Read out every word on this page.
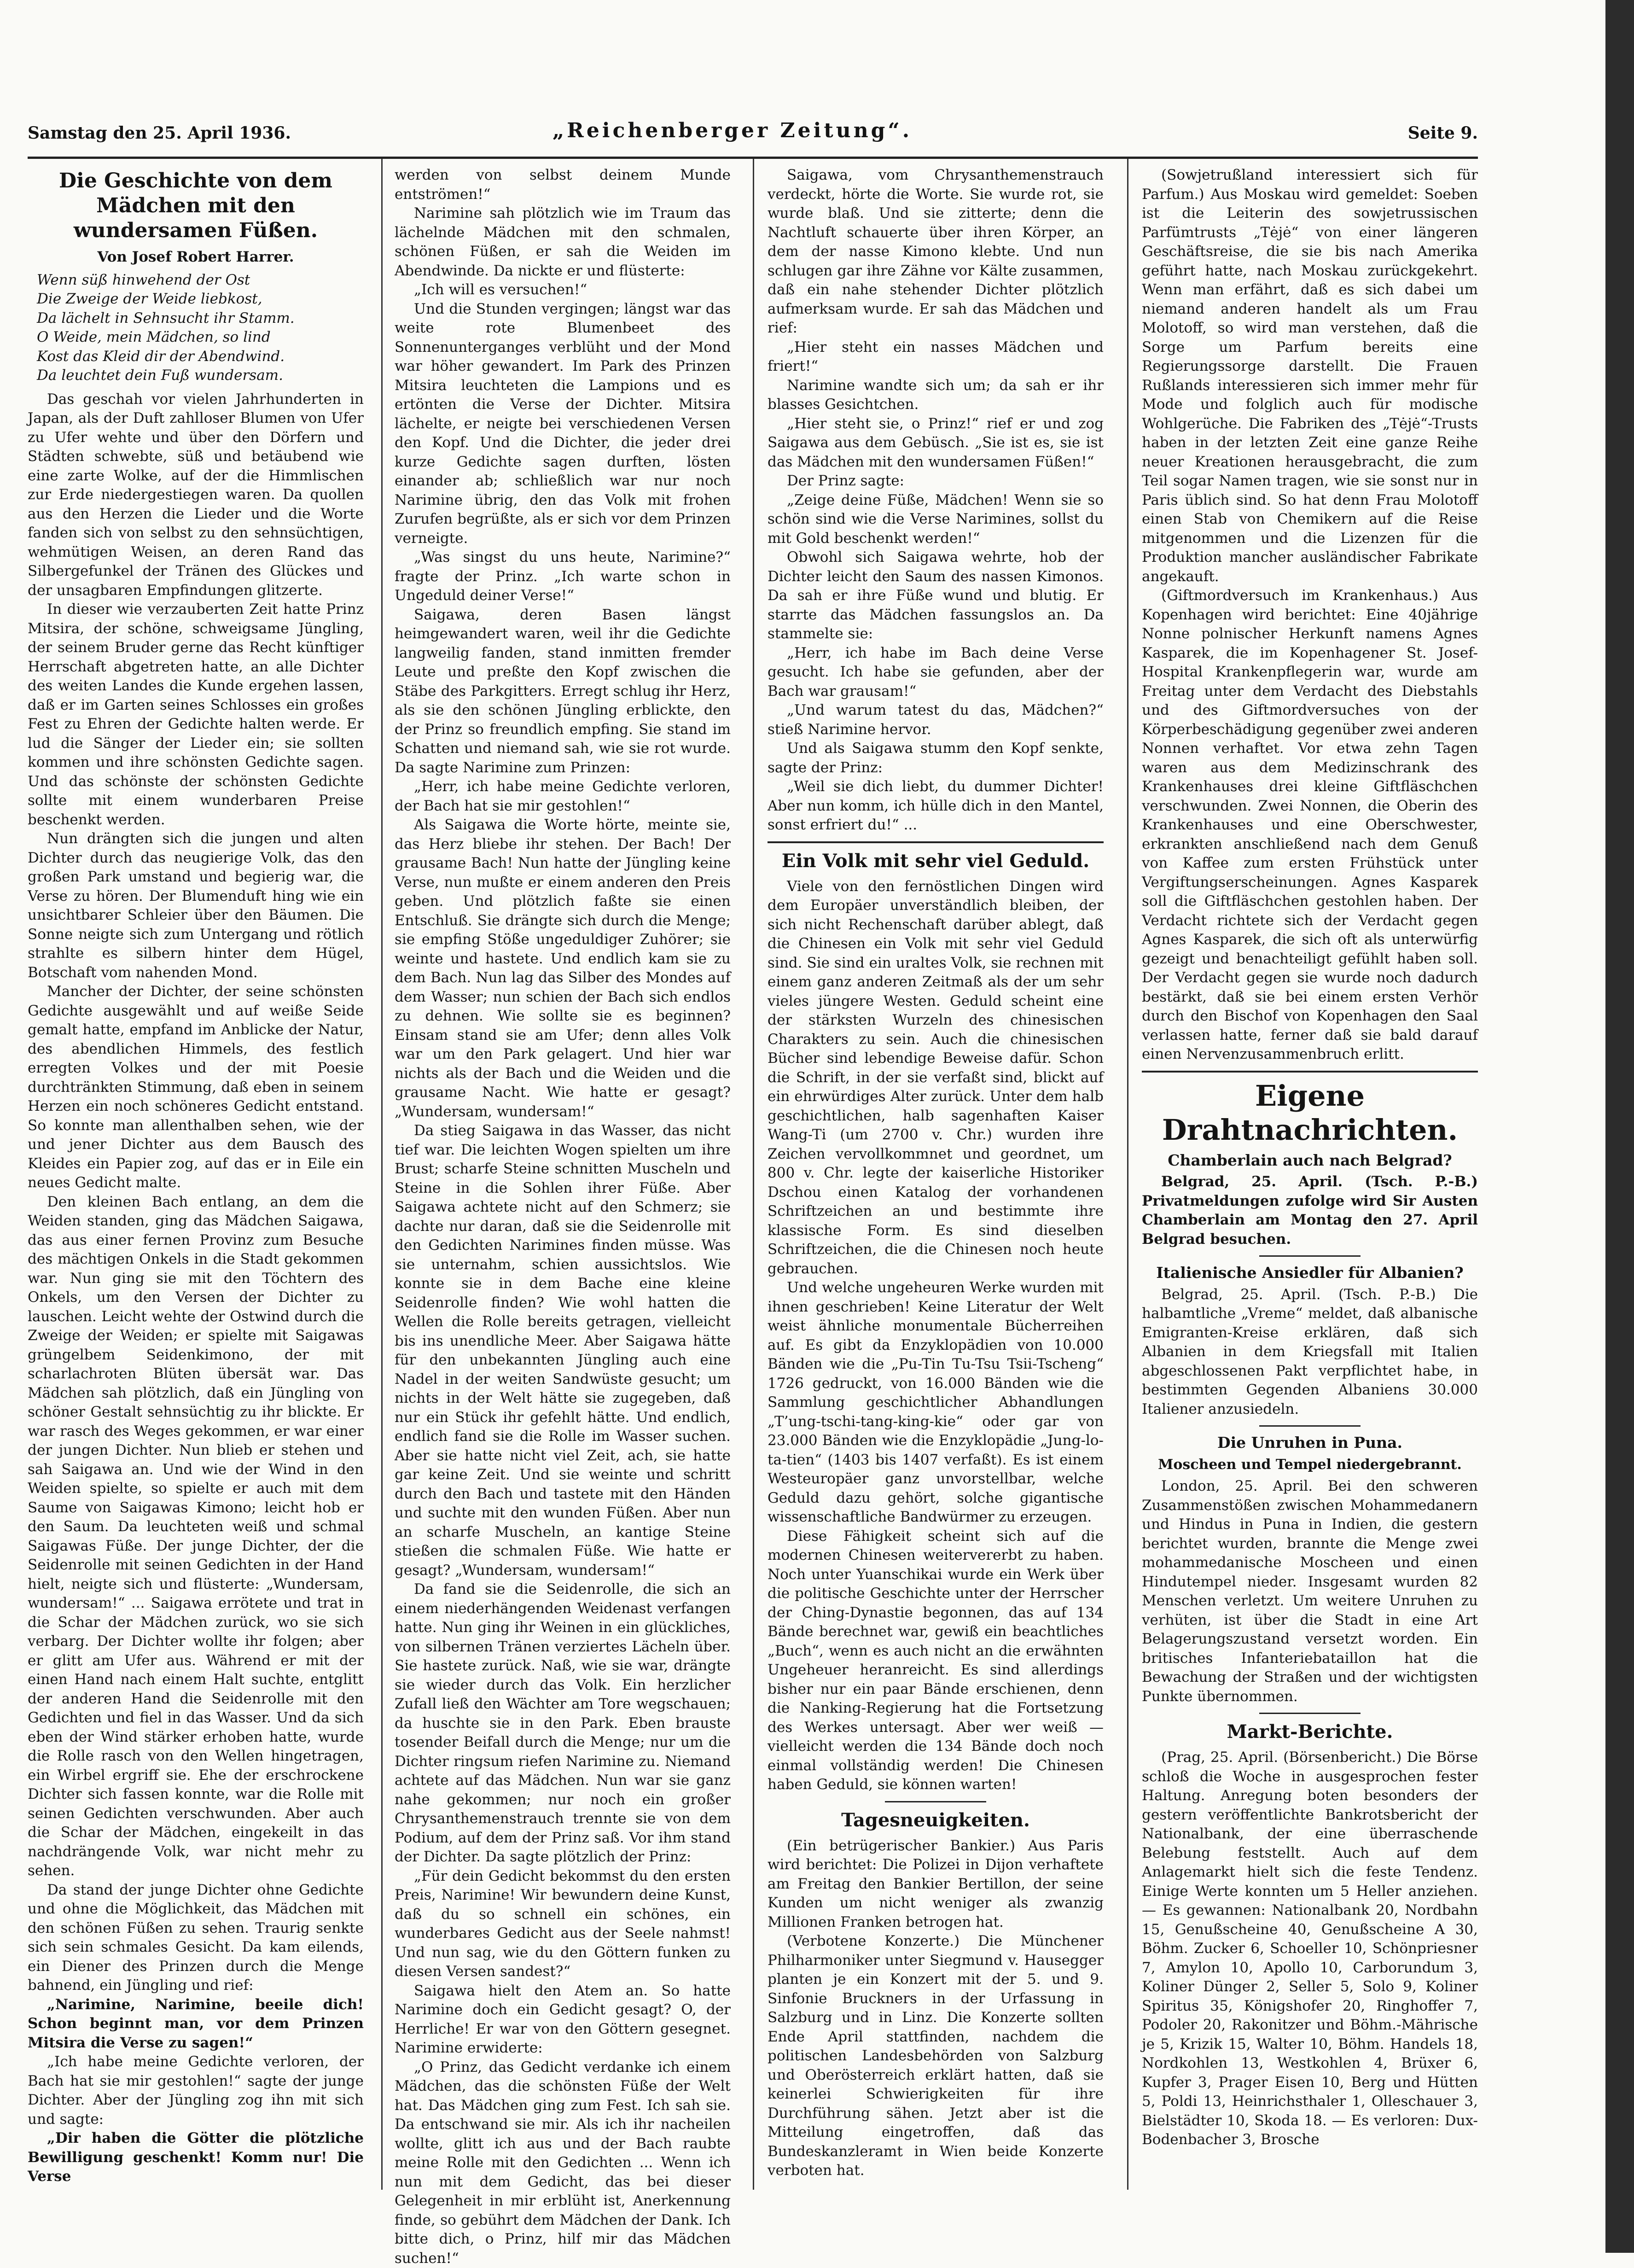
Samstag den 25. April 1936.	„Reichenberger Zeitung“.	Seite 9.
Die Geschichte von dem Mädchen mit den wundersamen Füßen.
Von Josef Robert Harrer.
Wenn süß hinwehend der Ost
Die Zweige der Weide liebkost,
Da lächelt in Sehnsucht ihr Stamm.
O Weide, mein Mädchen, so lind
Kost das Kleid dir der Abendwind.
Da leuchtet dein Fuß wundersam.

Das geschah vor vielen Jahrhunderten in Japan, als der Duft zahlloser Blumen von Ufer zu Ufer wehte und über den Dörfern und Städten schwebte, süß und betäubend wie eine zarte Wolke, auf der die Himmlischen zur Erde niedergestiegen waren. Da quollen aus den Herzen die Lieder und die Worte fanden sich von selbst zu den sehnsüchtigen, wehmütigen Weisen, an deren Rand das Silbergefunkel der Tränen des Glückes und der unsagbaren Empfindungen glitzerte.

In dieser wie verzauberten Zeit hatte Prinz Mitsira, der schöne, schweigsame Jüngling, der seinem Bruder gerne das Recht künftiger Herrschaft abgetreten hatte, an alle Dichter des weiten Landes die Kunde ergehen lassen, daß er im Garten seines Schlosses ein großes Fest zu Ehren der Gedichte halten werde. Er lud die Sänger der Lieder ein; sie sollten kommen und ihre schönsten Gedichte sagen. Und das schönste der schönsten Gedichte sollte mit einem wunderbaren Preise beschenkt werden.

Nun drängten sich die jungen und alten Dichter durch das neugierige Volk, das den großen Park umstand und begierig war, die Verse zu hören. Der Blumenduft hing wie ein unsichtbarer Schleier über den Bäumen. Die Sonne neigte sich zum Untergang und rötlich strahlte es silbern hinter dem Hügel, Botschaft vom nahenden Mond.

Mancher der Dichter, der seine schönsten Gedichte ausgewählt und auf weiße Seide gemalt hatte, empfand im Anblicke der Natur, des abendlichen Himmels, des festlich erregten Volkes und der mit Poesie durchtränkten Stimmung, daß eben in seinem Herzen ein noch schöneres Gedicht entstand. So konnte man allenthalben sehen, wie der und jener Dichter aus dem Bausch des Kleides ein Papier zog, auf das er in Eile ein neues Gedicht malte.

Den kleinen Bach entlang, an dem die Weiden standen, ging das Mädchen Saigawa, das aus einer fernen Provinz zum Besuche des mächtigen Onkels in die Stadt gekommen war. Nun ging sie mit den Töchtern des Onkels, um den Versen der Dichter zu lauschen. Leicht wehte der Ostwind durch die Zweige der Weiden; er spielte mit Saigawas grüngelbem Seidenkimono, der mit scharlachroten Blüten übersät war. Das Mädchen sah plötzlich, daß ein Jüngling von schöner Gestalt sehnsüchtig zu ihr blickte. Er war rasch des Weges gekommen, er war einer der jungen Dichter. Nun blieb er stehen und sah Saigawa an. Und wie der Wind in den Weiden spielte, so spielte er auch mit dem Saume von Saigawas Kimono; leicht hob er den Saum. Da leuchteten weiß und schmal Saigawas Füße. Der junge Dichter, der die Seidenrolle mit seinen Gedichten in der Hand hielt, neigte sich und flüsterte: „Wundersam, wundersam!“ ... Saigawa errötete und trat in die Schar der Mädchen zurück, wo sie sich verbarg. Der Dichter wollte ihr folgen; aber er glitt am Ufer aus. Während er mit der einen Hand nach einem Halt suchte, entglitt der anderen Hand die Seidenrolle mit den Gedichten und fiel in das Wasser. Und da sich eben der Wind stärker erhoben hatte, wurde die Rolle rasch von den Wellen hingetragen, ein Wirbel ergriff sie. Ehe der erschrockene Dichter sich fassen konnte, war die Rolle mit seinen Gedichten verschwunden. Aber auch die Schar der Mädchen, eingekeilt in das nachdrängende Volk, war nicht mehr zu sehen.

Da stand der junge Dichter ohne Gedichte und ohne die Möglichkeit, das Mädchen mit den schönen Füßen zu sehen. Traurig senkte sich sein schmales Gesicht. Da kam eilends, ein Diener des Prinzen durch die Menge bahnend, ein Jüngling und rief:

„Narimine, Narimine, beeile dich! Schon beginnt man, vor dem Prinzen Mitsira die Verse zu sagen!“

„Ich habe meine Gedichte verloren, der Bach hat sie mir gestohlen!“ sagte der junge Dichter. Aber der Jüngling zog ihn mit sich und sagte:

„Dir haben die Götter die plötzliche Bewilligung geschenkt! Komm nur! Die Verse

werden von selbst deinem Munde entströmen!“

Narimine sah plötzlich wie im Traum das lächelnde Mädchen mit den schmalen, schönen Füßen, er sah die Weiden im Abendwinde. Da nickte er und flüsterte:

„Ich will es versuchen!“

Und die Stunden vergingen; längst war das weite rote Blumenbeet des Sonnenunterganges verblüht und der Mond war höher gewandert. Im Park des Prinzen Mitsira leuchteten die Lampions und es ertönten die Verse der Dichter. Mitsira lächelte, er neigte bei verschiedenen Versen den Kopf. Und die Dichter, die jeder drei kurze Gedichte sagen durften, lösten einander ab; schließlich war nur noch Narimine übrig, den das Volk mit frohen Zurufen begrüßte, als er sich vor dem Prinzen verneigte.

„Was singst du uns heute, Narimine?“ fragte der Prinz. „Ich warte schon in Ungeduld deiner Verse!“

Saigawa, deren Basen längst heimgewandert waren, weil ihr die Gedichte langweilig fanden, stand inmitten fremder Leute und preßte den Kopf zwischen die Stäbe des Parkgitters. Erregt schlug ihr Herz, als sie den schönen Jüngling erblickte, den der Prinz so freundlich empfing. Sie stand im Schatten und niemand sah, wie sie rot wurde. Da sagte Narimine zum Prinzen:

„Herr, ich habe meine Gedichte verloren, der Bach hat sie mir gestohlen!“

Als Saigawa die Worte hörte, meinte sie, das Herz bliebe ihr stehen. Der Bach! Der grausame Bach! Nun hatte der Jüngling keine Verse, nun mußte er einem anderen den Preis geben. Und plötzlich faßte sie einen Entschluß. Sie drängte sich durch die Menge; sie empfing Stöße ungeduldiger Zuhörer; sie weinte und hastete. Und endlich kam sie zu dem Bach. Nun lag das Silber des Mondes auf dem Wasser; nun schien der Bach sich endlos zu dehnen. Wie sollte sie es beginnen? Einsam stand sie am Ufer; denn alles Volk war um den Park gelagert. Und hier war nichts als der Bach und die Weiden und die grausame Nacht. Wie hatte er gesagt? „Wundersam, wundersam!“

Da stieg Saigawa in das Wasser, das nicht tief war. Die leichten Wogen spielten um ihre Brust; scharfe Steine schnitten Muscheln und Steine in die Sohlen ihrer Füße. Aber Saigawa achtete nicht auf den Schmerz; sie dachte nur daran, daß sie die Seidenrolle mit den Gedichten Narimines finden müsse. Was sie unternahm, schien aussichtslos. Wie konnte sie in dem Bache eine kleine Seidenrolle finden? Wie wohl hatten die Wellen die Rolle bereits getragen, vielleicht bis ins unendliche Meer. Aber Saigawa hätte für den unbekannten Jüngling auch eine Nadel in der weiten Sandwüste gesucht; um nichts in der Welt hätte sie zugegeben, daß nur ein Stück ihr gefehlt hätte. Und endlich, endlich fand sie die Rolle im Wasser suchen. Aber sie hatte nicht viel Zeit, ach, sie hatte gar keine Zeit. Und sie weinte und schritt durch den Bach und tastete mit den Händen und suchte mit den wunden Füßen. Aber nun an scharfe Muscheln, an kantige Steine stießen die schmalen Füße. Wie hatte er gesagt? „Wundersam, wundersam!“

Da fand sie die Seidenrolle, die sich an einem niederhängenden Weidenast verfangen hatte. Nun ging ihr Weinen in ein glückliches, von silbernen Tränen verziertes Lächeln über. Sie hastete zurück. Naß, wie sie war, drängte sie wieder durch das Volk. Ein herzlicher Zufall ließ den Wächter am Tore wegschauen; da huschte sie in den Park. Eben brauste tosender Beifall durch die Menge; nur um die Dichter ringsum riefen Narimine zu. Niemand achtete auf das Mädchen. Nun war sie ganz nahe gekommen; nur noch ein großer Chrysanthemenstrauch trennte sie von dem Podium, auf dem der Prinz saß. Vor ihm stand der Dichter. Da sagte plötzlich der Prinz:

„Für dein Gedicht bekommst du den ersten Preis, Narimine! Wir bewundern deine Kunst, daß du so schnell ein schönes, ein wunderbares Gedicht aus der Seele nahmst! Und nun sag, wie du den Göttern funken zu diesen Versen sandest?“

Saigawa hielt den Atem an. So hatte Narimine doch ein Gedicht gesagt? O, der Herrliche! Er war von den Göttern gesegnet. Narimine erwiderte:

„O Prinz, das Gedicht verdanke ich einem Mädchen, das die schönsten Füße der Welt hat. Das Mädchen ging zum Fest. Ich sah sie. Da entschwand sie mir. Als ich ihr nacheilen wollte, glitt ich aus und der Bach raubte meine Rolle mit den Gedichten ... Wenn ich nun mit dem Gedicht, das bei dieser Gelegenheit in mir erblüht ist, Anerkennung finde, so gebührt dem Mädchen der Dank. Ich bitte dich, o Prinz, hilf mir das Mädchen suchen!“

Saigawa, vom Chrysanthemenstrauch verdeckt, hörte die Worte. Sie wurde rot, sie wurde blaß. Und sie zitterte; denn die Nachtluft schauerte über ihren Körper, an dem der nasse Kimono klebte. Und nun schlugen gar ihre Zähne vor Kälte zusammen, daß ein nahe stehender Dichter plötzlich aufmerksam wurde. Er sah das Mädchen und rief:

„Hier steht ein nasses Mädchen und friert!“

Narimine wandte sich um; da sah er ihr blasses Gesichtchen.

„Hier steht sie, o Prinz!“ rief er und zog Saigawa aus dem Gebüsch. „Sie ist es, sie ist das Mädchen mit den wundersamen Füßen!“

Der Prinz sagte:

„Zeige deine Füße, Mädchen! Wenn sie so schön sind wie die Verse Narimines, sollst du mit Gold beschenkt werden!“

Obwohl sich Saigawa wehrte, hob der Dichter leicht den Saum des nassen Kimonos. Da sah er ihre Füße wund und blutig. Er starrte das Mädchen fassungslos an. Da stammelte sie:

„Herr, ich habe im Bach deine Verse gesucht. Ich habe sie gefunden, aber der Bach war grausam!“

„Und warum tatest du das, Mädchen?“ stieß Narimine hervor.

Und als Saigawa stumm den Kopf senkte, sagte der Prinz:

„Weil sie dich liebt, du dummer Dichter! Aber nun komm, ich hülle dich in den Mantel, sonst erfriert du!“ ...

Ein Volk mit sehr viel Geduld.

Viele von den fernöstlichen Dingen wird dem Europäer unverständlich bleiben, der sich nicht Rechenschaft darüber ablegt, daß die Chinesen ein Volk mit sehr viel Geduld sind. Sie sind ein uraltes Volk, sie rechnen mit einem ganz anderen Zeitmaß als der um sehr vieles jüngere Westen. Geduld scheint eine der stärksten Wurzeln des chinesischen Charakters zu sein. Auch die chinesischen Bücher sind lebendige Beweise dafür. Schon die Schrift, in der sie verfaßt sind, blickt auf ein ehrwürdiges Alter zurück. Unter dem halb geschichtlichen, halb sagenhaften Kaiser Wang-Ti (um 2700 v. Chr.) wurden ihre Zeichen vervollkommnet und geordnet, um 800 v. Chr. legte der kaiserliche Historiker Dschou einen Katalog der vorhandenen Schriftzeichen an und bestimmte ihre klassische Form. Es sind dieselben Schriftzeichen, die die Chinesen noch heute gebrauchen.

Und welche ungeheuren Werke wurden mit ihnen geschrieben! Keine Literatur der Welt weist ähnliche monumentale Bücherreihen auf. Es gibt da Enzyklopädien von 10.000 Bänden wie die „Pu-Tin Tu-Tsu Tsii-Tscheng“ 1726 gedruckt, von 16.000 Bänden wie die Sammlung geschichtlicher Abhandlungen „T’ung-tschi-tang-king-kie“ oder gar von 23.000 Bänden wie die Enzyklopädie „Jung-lo-ta-tien“ (1403 bis 1407 verfaßt). Es ist einem Westeuropäer ganz unvorstellbar, welche Geduld dazu gehört, solche gigantische wissenschaftliche Bandwürmer zu erzeugen.

Diese Fähigkeit scheint sich auf die modernen Chinesen weitervererbt zu haben. Noch unter Yuanschikai wurde ein Werk über die politische Geschichte unter der Herrscher der Ching-Dynastie begonnen, das auf 134 Bände berechnet war, gewiß ein beachtliches „Buch“, wenn es auch nicht an die erwähnten Ungeheuer heranreicht. Es sind allerdings bisher nur ein paar Bände erschienen, denn die Nanking-Regierung hat die Fortsetzung des Werkes untersagt. Aber wer weiß — vielleicht werden die 134 Bände doch noch einmal vollständig werden! Die Chinesen haben Geduld, sie können warten!

Tagesneuigkeiten.

(Ein betrügerischer Bankier.) Aus Paris wird berichtet: Die Polizei in Dijon verhaftete am Freitag den Bankier Bertillon, der seine Kunden um nicht weniger als zwanzig Millionen Franken betrogen hat.

(Verbotene Konzerte.) Die Münchener Philharmoniker unter Siegmund v. Hausegger planten je ein Konzert mit der 5. und 9. Sinfonie Bruckners in der Urfassung in Salzburg und in Linz. Die Konzerte sollten Ende April stattfinden, nachdem die politischen Landesbehörden von Salzburg und Oberösterreich erklärt hatten, daß sie keinerlei Schwierigkeiten für ihre Durchführung sähen. Jetzt aber ist die Mitteilung eingetroffen, daß das Bundeskanzleramt in Wien beide Konzerte verboten hat.

(Sowjetrußland interessiert sich für Parfum.) Aus Moskau wird gemeldet: Soeben ist die Leiterin des sowjetrussischen Parfümtrusts „Tėjė“ von einer längeren Geschäftsreise, die sie bis nach Amerika geführt hatte, nach Moskau zurückgekehrt. Wenn man erfährt, daß es sich dabei um niemand anderen handelt als um Frau Molotoff, so wird man verstehen, daß die Sorge um Parfum bereits eine Regierungssorge darstellt. Die Frauen Rußlands interessieren sich immer mehr für Mode und folglich auch für modische Wohlgerüche. Die Fabriken des „Tėjė“-Trusts haben in der letzten Zeit eine ganze Reihe neuer Kreationen herausgebracht, die zum Teil sogar Namen tragen, wie sie sonst nur in Paris üblich sind. So hat denn Frau Molotoff einen Stab von Chemikern auf die Reise mitgenommen und die Lizenzen für die Produktion mancher ausländischer Fabrikate angekauft.

(Giftmordversuch im Krankenhaus.) Aus Kopenhagen wird berichtet: Eine 40jährige Nonne polnischer Herkunft namens Agnes Kasparek, die im Kopenhagener St. Josef-Hospital Krankenpflegerin war, wurde am Freitag unter dem Verdacht des Diebstahls und des Giftmordversuches von der Körperbeschädigung gegenüber zwei anderen Nonnen verhaftet. Vor etwa zehn Tagen waren aus dem Medizinschrank des Krankenhauses drei kleine Giftfläschchen verschwunden. Zwei Nonnen, die Oberin des Krankenhauses und eine Oberschwester, erkrankten anschließend nach dem Genuß von Kaffee zum ersten Frühstück unter Vergiftungserscheinungen. Agnes Kasparek soll die Giftfläschchen gestohlen haben. Der Verdacht richtete sich der Verdacht gegen Agnes Kasparek, die sich oft als unterwürfig gezeigt und benachteiligt gefühlt haben soll. Der Verdacht gegen sie wurde noch dadurch bestärkt, daß sie bei einem ersten Verhör durch den Bischof von Kopenhagen den Saal verlassen hatte, ferner daß sie bald darauf einen Nervenzusammenbruch erlitt.

Eigene Drahtnachrichten.
Chamberlain auch nach Belgrad?

Belgrad, 25. April. (Tsch. P.-B.) Privatmeldungen zufolge wird Sir Austen Chamberlain am Montag den 27. April Belgrad besuchen.

Italienische Ansiedler für Albanien?

Belgrad, 25. April. (Tsch. P.-B.) Die halbamtliche „Vreme“ meldet, daß albanische Emigranten-Kreise erklären, daß sich Albanien in dem Kriegsfall mit Italien abgeschlossenen Pakt verpflichtet habe, in bestimmten Gegenden Albaniens 30.000 Italiener anzusiedeln.

Die Unruhen in Puna.
Moscheen und Tempel niedergebrannt.

London, 25. April. Bei den schweren Zusammenstößen zwischen Mohammedanern und Hindus in Puna in Indien, die gestern berichtet wurden, brannte die Menge zwei mohammedanische Moscheen und einen Hindutempel nieder. Insgesamt wurden 82 Menschen verletzt. Um weitere Unruhen zu verhüten, ist über die Stadt in eine Art Belagerungszustand versetzt worden. Ein britisches Infanteriebataillon hat die Bewachung der Straßen und der wichtigsten Punkte übernommen.

Markt-Berichte.

(Prag, 25. April. (Börsenbericht.) Die Börse schloß die Woche in ausgesprochen fester Haltung. Anregung boten besonders der gestern veröffentlichte Bankrotsbericht der Nationalbank, der eine überraschende Belebung feststellt. Auch auf dem Anlagemarkt hielt sich die feste Tendenz. Einige Werte konnten um 5 Heller anziehen. — Es gewannen: Nationalbank 20, Nordbahn 15, Genußscheine 40, Genußscheine A 30, Böhm. Zucker 6, Schoeller 10, Schönpriesner 7, Amylon 10, Apollo 10, Carborundum 3, Koliner Dünger 2, Seller 5, Solo 9, Koliner Spiritus 35, Königshofer 20, Ringhoffer 7, Podoler 20, Rakonitzer und Böhm.-Mährische je 5, Krizik 15, Walter 10, Böhm. Handels 18, Nordkohlen 13, Westkohlen 4, Brüxer 6, Kupfer 3, Prager Eisen 10, Berg und Hütten 5, Poldi 13, Heinrichsthaler 1, Olleschauer 3, Bielstädter 10, Skoda 18. — Es verloren: Dux-Bodenbacher 3, Brosche
